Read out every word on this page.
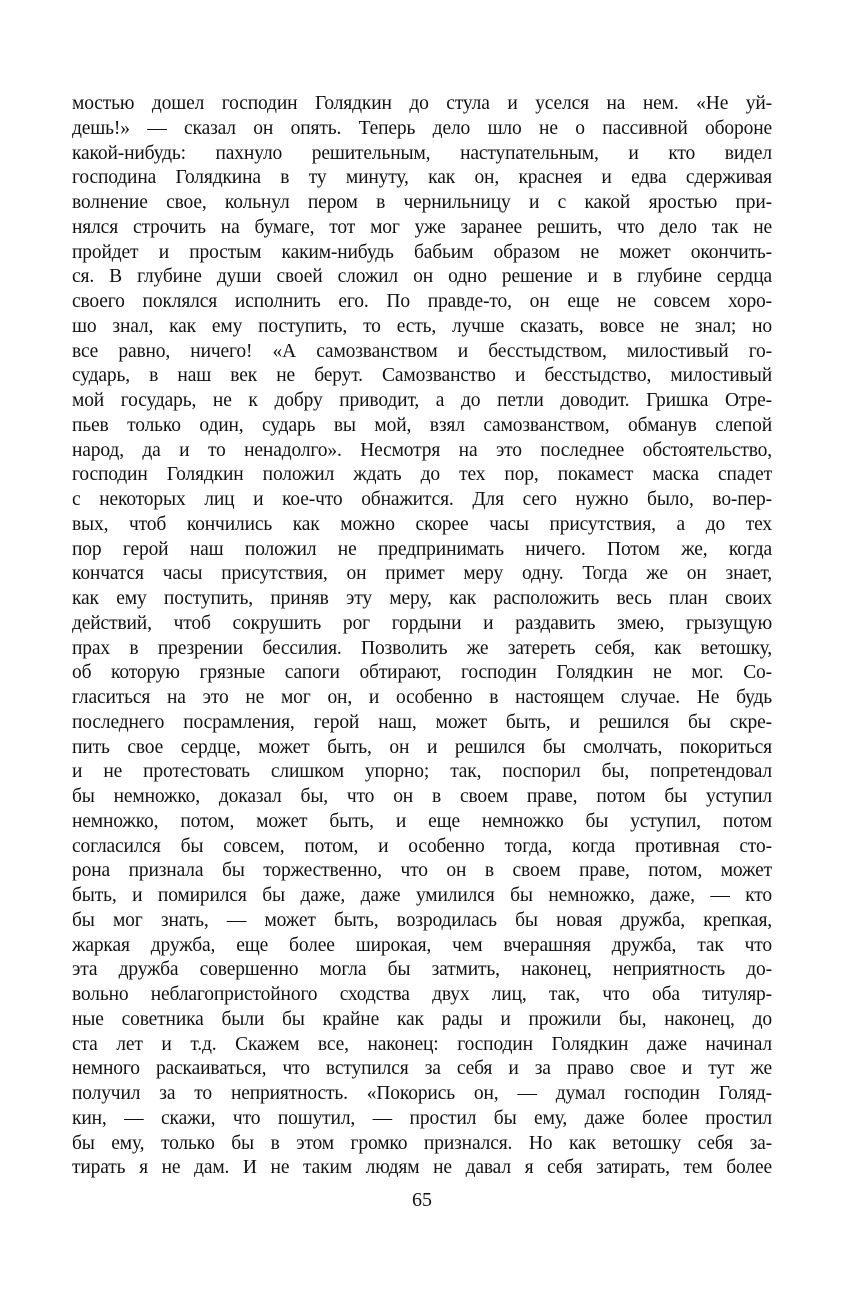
мостью дошел господин Голядкин до стула и уселся на нем. «Не уй-
дешь!» — сказал он опять. Теперь дело шло не о пассивной обороне
какой-нибудь: пахнуло решительным, наступательным, и кто видел
господина Голядкина в ту минуту, как он, краснея и едва сдерживая
волнение свое, кольнул пером в чернильницу и с какой яростью при-
нялся строчить на бумаге, тот мог уже заранее решить, что дело так не
пройдет и простым каким-нибудь бабьим образом не может окончить-
ся. В глубине души своей сложил он одно решение и в глубине сердца
своего поклялся исполнить его. По правде-то, он еще не совсем хоро-
шо знал, как ему поступить, то есть, лучше сказать, вовсе не знал; но
все равно, ничего! «А самозванством и бесстыдством, милостивый го-
сударь, в наш век не берут. Самозванство и бесстыдство, милостивый
мой государь, не к добру приводит, а до петли доводит. Гришка Отре-
пьев только один, сударь вы мой, взял самозванством, обманув слепой
народ, да и то ненадолго». Несмотря на это последнее обстоятельство,
господин Голядкин положил ждать до тех пор, покамест маска спадет
с некоторых лиц и кое-что обнажится. Для сего нужно было, во-пер-
вых, чтоб кончились как можно скорее часы присутствия, а до тех
пор герой наш положил не предпринимать ничего. Потом же, когда
кончатся часы присутствия, он примет меру одну. Тогда же он знает,
как ему поступить, приняв эту меру, как расположить весь план своих
действий, чтоб сокрушить рог гордыни и раздавить змею, грызущую
прах в презрении бессилия. Позволить же затереть себя, как ветошку,
об которую грязные сапоги обтирают, господин Голядкин не мог. Со-
гласиться на это не мог он, и особенно в настоящем случае. Не будь
последнего посрамления, герой наш, может быть, и решился бы скре-
пить свое сердце, может быть, он и решился бы смолчать, покориться
и не протестовать слишком упорно; так, поспорил бы, попретендовал
бы немножко, доказал бы, что он в своем праве, потом бы уступил
немножко, потом, может быть, и еще немножко бы уступил, потом
согласился бы совсем, потом, и особенно тогда, когда противная сто-
рона признала бы торжественно, что он в своем праве, потом, может
быть, и помирился бы даже, даже умилился бы немножко, даже, — кто
бы мог знать, — может быть, возродилась бы новая дружба, крепкая,
жаркая дружба, еще более широкая, чем вчерашняя дружба, так что
эта дружба совершенно могла бы затмить, наконец, неприятность до-
вольно неблагопристойного сходства двух лиц, так, что оба титуляр-
ные советника были бы крайне как рады и прожили бы, наконец, до
ста лет и т.д. Скажем все, наконец: господин Голядкин даже начинал
немного раскаиваться, что вступился за себя и за право свое и тут же
получил за то неприятность. «Покорись он, — думал господин Голяд-
кин, — скажи, что пошутил, — простил бы ему, даже более простил
бы ему, только бы в этом громко признался. Но как ветошку себя за-
тирать я не дам. И не таким людям не давал я себя затирать, тем более
65
